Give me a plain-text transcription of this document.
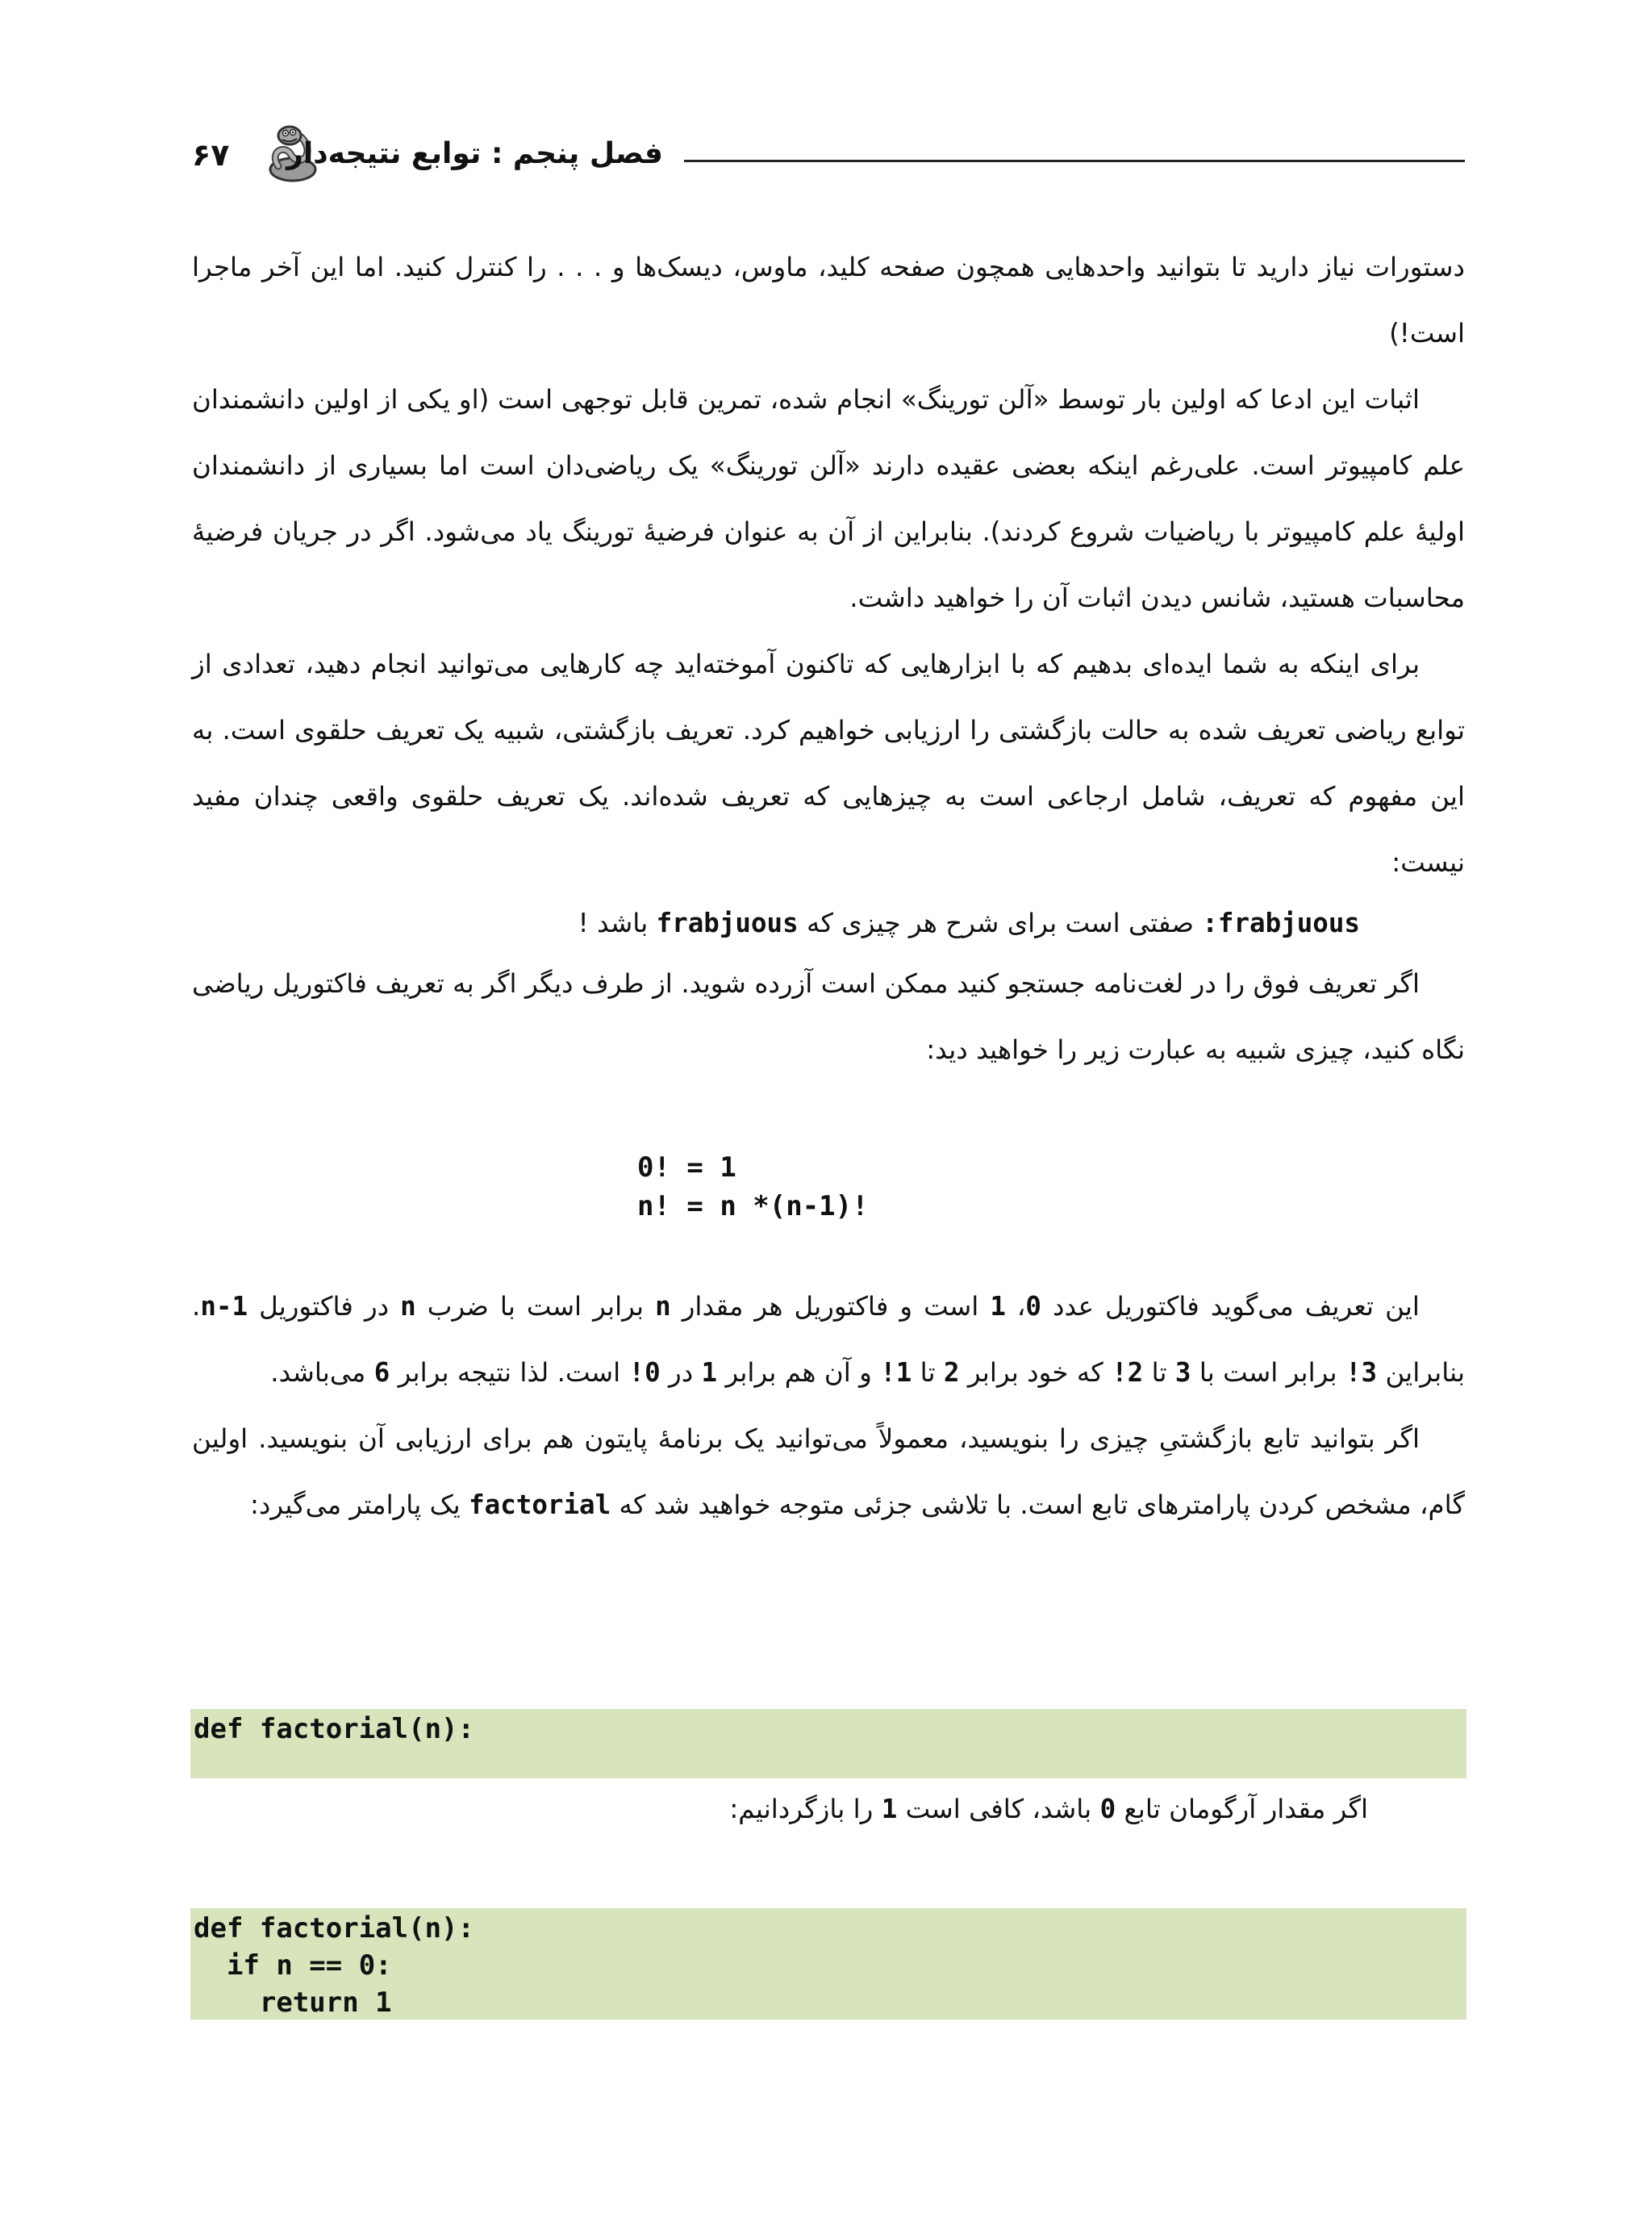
۶۷ فصل پنجم : توابع نتیجه‌دار

دستورات نیاز دارید تا بتوانید واحدهایی همچون صفحه کلید، ماوس، دیسک‌ها و . . . را کنترل کنید. اما این آخر ماجرا است!)

اثبات این ادعا که اولین بار توسط «آلن تورینگ» انجام شده، تمرین قابل توجهی است (او یکی از اولین دانشمندان علم کامپیوتر است. علی‌رغم اینکه بعضی عقیده دارند «آلن تورینگ» یک ریاضی‌دان است اما بسیاری از دانشمندان اولیهٔ علم کامپیوتر با ریاضیات شروع کردند). بنابراین از آن به عنوان فرضیهٔ تورینگ یاد می‌شود. اگر در جریان فرضیهٔ محاسبات هستید، شانس دیدن اثبات آن را خواهید داشت.

برای اینکه به شما ایده‌ای بدهیم که با ابزارهایی که تاکنون آموخته‌اید چه کارهایی می‌توانید انجام دهید، تعدادی از توابع ریاضی تعریف شده به حالت بازگشتی را ارزیابی خواهیم کرد. تعریف بازگشتی، شبیه یک تعریف حلقوی است. به این مفهوم که تعریف، شامل ارجاعی است به چیزهایی که تعریف شده‌اند. یک تعریف حلقوی واقعی چندان مفید نیست:

frabjuous: صفتی است برای شرح هر چیزی که frabjuous باشد !

اگر تعریف فوق را در لغت‌نامه جستجو کنید ممکن است آزرده شوید. از طرف دیگر اگر به تعریف فاکتوریل ریاضی نگاه کنید، چیزی شبیه به عبارت زیر را خواهید دید:

0! = 1
n! = n *(n-1)!

این تعریف می‌گوید فاکتوریل عدد 0، 1 است و فاکتوریل هر مقدار n برابر است با ضرب n در فاکتوریل n-1. بنابراین 3! برابر است با 3 تا 2! که خود برابر 2 تا 1! و آن هم برابر 1 در 0! است. لذا نتیجه برابر 6 می‌باشد.

اگر بتوانید تابع بازگشتیِ چیزی را بنویسید، معمولاً می‌توانید یک برنامهٔ پایتون هم برای ارزیابی آن بنویسید. اولین گام، مشخص کردن پارامترهای تابع است. با تلاشی جزئی متوجه خواهید شد که factorial یک پارامتر می‌گیرد:

def factorial(n):
اگر مقدار آرگومان تابع 0 باشد، کافی است 1 را بازگردانیم:
def factorial(n):
if n == 0:
return 1
